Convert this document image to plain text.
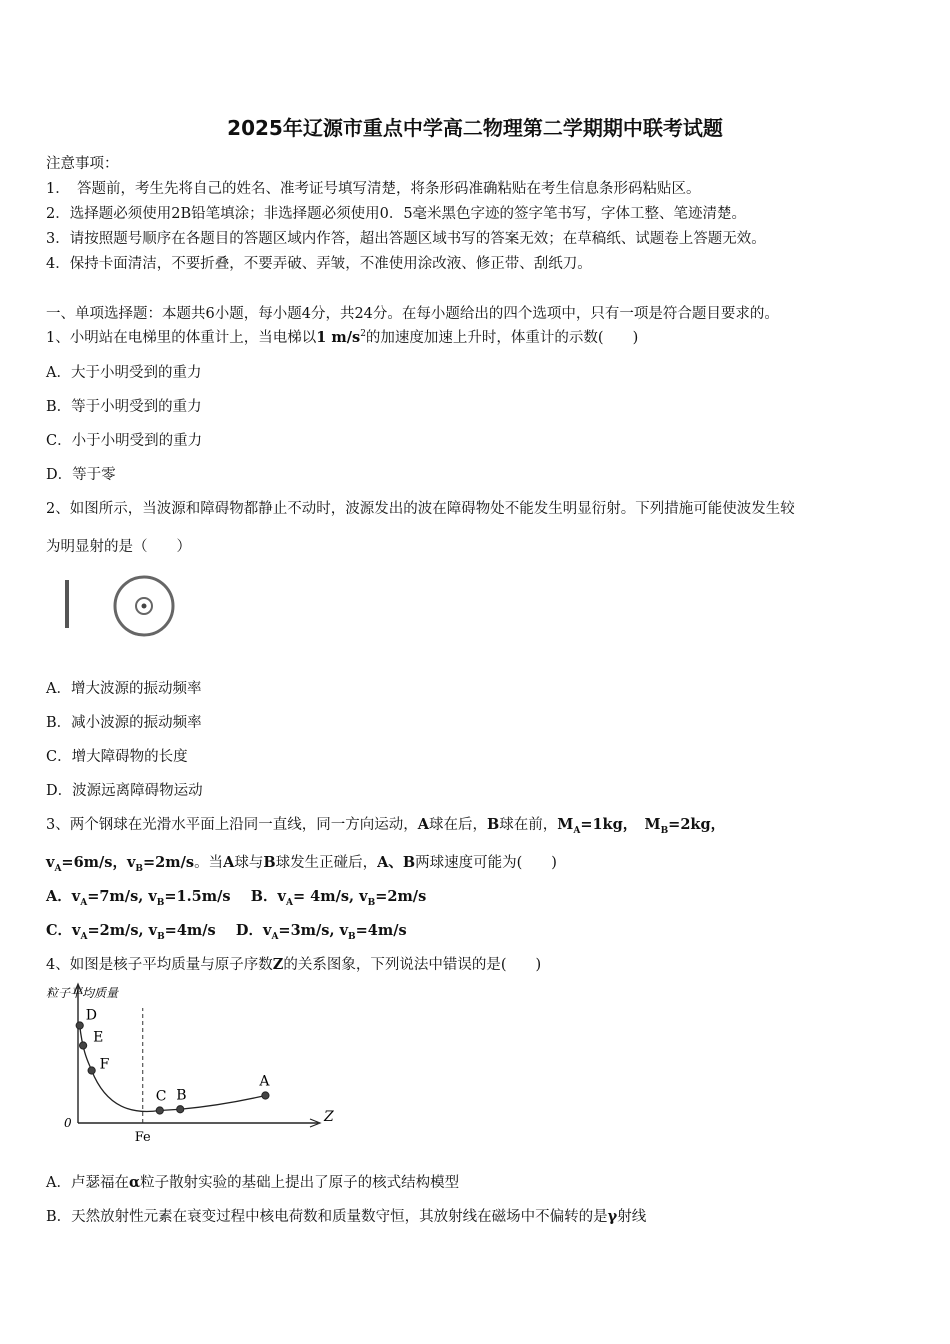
2025年辽源市重点中学高二物理第二学期期中联考试题
注意事项：
1．　答题前，考生先将自己的姓名、准考证号填写清楚，将条形码准确粘贴在考生信息条形码粘贴区。
2．选择题必须使用2B铅笔填涂；非选择题必须使用0．5毫米黑色字迹的签字笔书写，字体工整、笔迹清楚。
3．请按照题号顺序在各题目的答题区域内作答，超出答题区域书写的答案无效；在草稿纸、试题卷上答题无效。
4．保持卡面清洁，不要折叠，不要弄破、弄皱，不准使用涂改液、修正带、刮纸刀。
一、单项选择题：本题共6小题，每小题4分，共24分。在每小题给出的四个选项中，只有一项是符合题目要求的。
1、小明站在电梯里的体重计上，当电梯以1 $m/s^2$的加速度加速上升时，体重计的示数(　　)
A．大于小明受到的重力
B．等于小明受到的重力
C．小于小明受到的重力
D．等于零
2、如图所示，当波源和障碍物都静止不动时，波源发出的波在障碍物处不能发生明显衍射。下列措施可能使波发生较
为明显射的是（　　）
A．增大波源的振动频率
B．减小波源的振动频率
C．增大障碍物的长度
D．波源远离障碍物运动
3、两个钢球在光滑水平面上沿同一直线，同一方向运动，A球在后，B球在前，$M_A=1kg$，　$M_B=2kg$，
$v_A=6m/s$，$v_B=2m/s$。当A球与B球发生正碰后，A、B两球速度可能为(　　)
A．$v_A=7m/s$, $v_B=1.5m/s$ B．$v_A= 4m/s$, $v_B=2m/s$
C．$v_A=2m/s$, $v_B=4m/s$ D．$v_A=3m/s$, $v_B=4m/s$
4、如图是核子平均质量与原子序数Z的关系图象，下列说法中错误的是(　　)
Z
粒子平均质量
0
Fe
D
E
F
C B
A
A．卢瑟福在α粒子散射实验的基础上提出了原子的核式结构模型
B．天然放射性元素在衰变过程中核电荷数和质量数守恒，其放射线在磁场中不偏转的是γ射线
